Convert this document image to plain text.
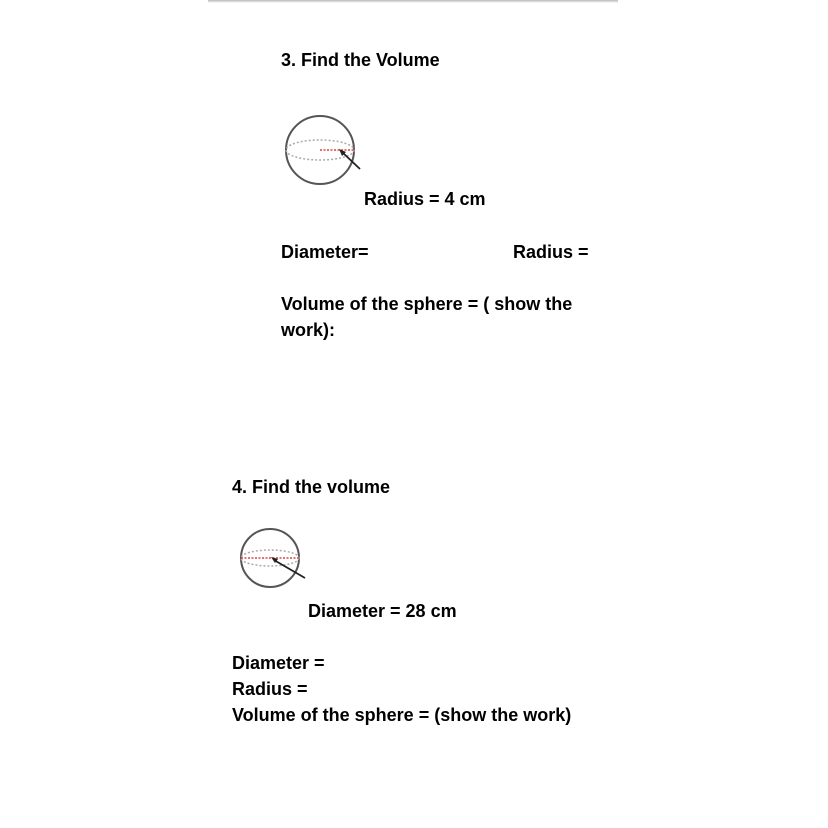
3. Find the Volume
Radius = 4 cm
Diameter=	Radius =
Volume of the sphere = ( show the work):
4. Find the volume
Diameter = 28 cm
Diameter =
Radius =
Volume of the sphere = (show the work)
